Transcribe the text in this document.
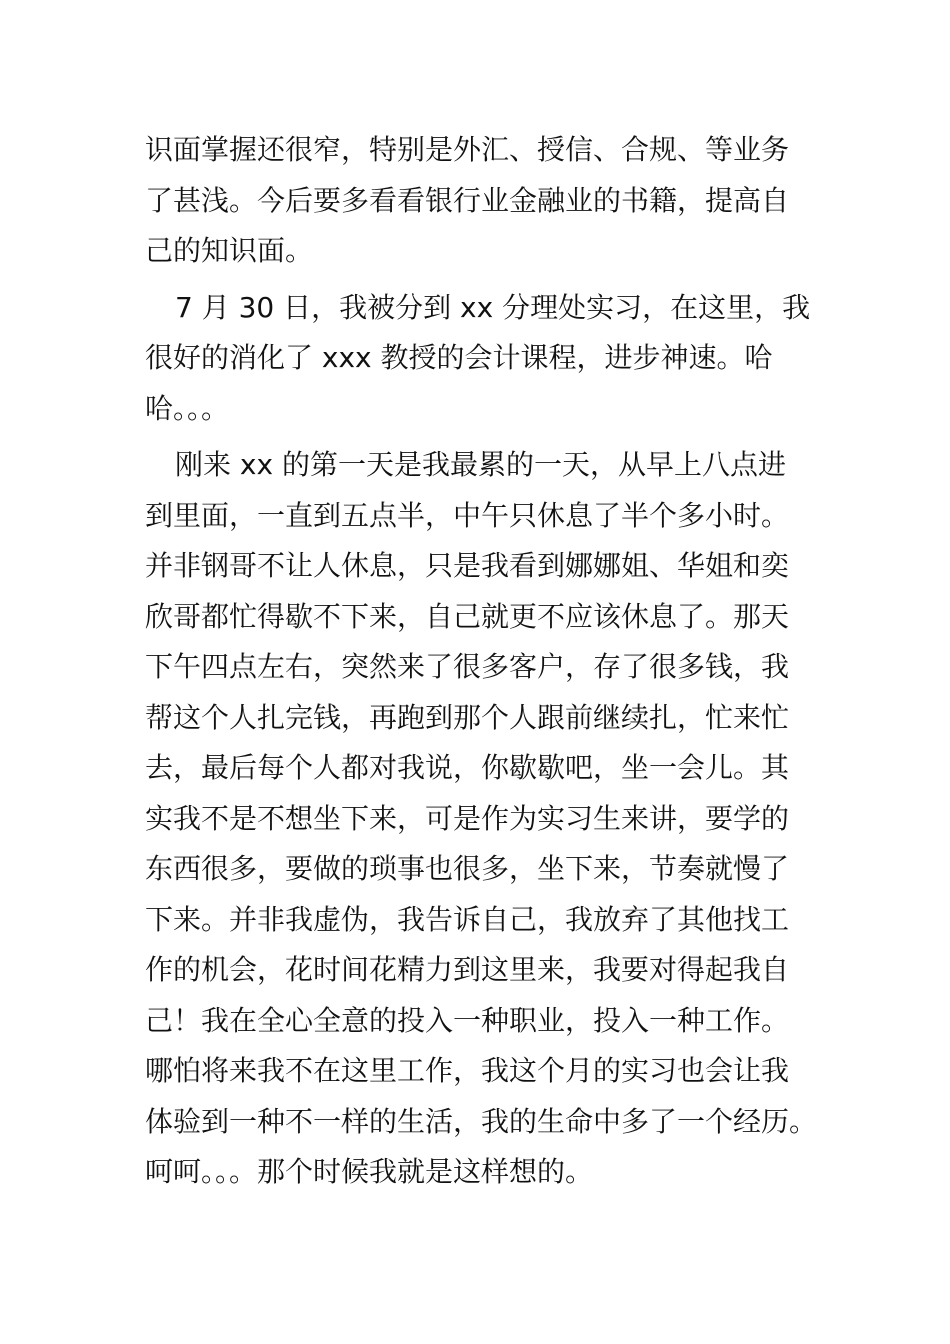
识面掌握还很窄，特别是外汇、授信、合规、等业务
了甚浅。今后要多看看银行业金融业的书籍，提高自
己的知识面。

7 月 30 日，我被分到 xx 分理处实习，在这里，我
很好的消化了 xxx 教授的会计课程，进步神速。哈
哈。。。

刚来 xx 的第一天是我最累的一天，从早上八点进
到里面，一直到五点半，中午只休息了半个多小时。
并非钢哥不让人休息，只是我看到娜娜姐、华姐和奕
欣哥都忙得歇不下来，自己就更不应该休息了。那天
下午四点左右，突然来了很多客户，存了很多钱，我
帮这个人扎完钱，再跑到那个人跟前继续扎，忙来忙
去，最后每个人都对我说，你歇歇吧，坐一会儿。其
实我不是不想坐下来，可是作为实习生来讲，要学的
东西很多，要做的琐事也很多，坐下来，节奏就慢了
下来。并非我虚伪，我告诉自己，我放弃了其他找工
作的机会，花时间花精力到这里来，我要对得起我自
己！我在全心全意的投入一种职业，投入一种工作。
哪怕将来我不在这里工作，我这个月的实习也会让我
体验到一种不一样的生活，我的生命中多了一个经历。
呵呵。。。那个时候我就是这样想的。
